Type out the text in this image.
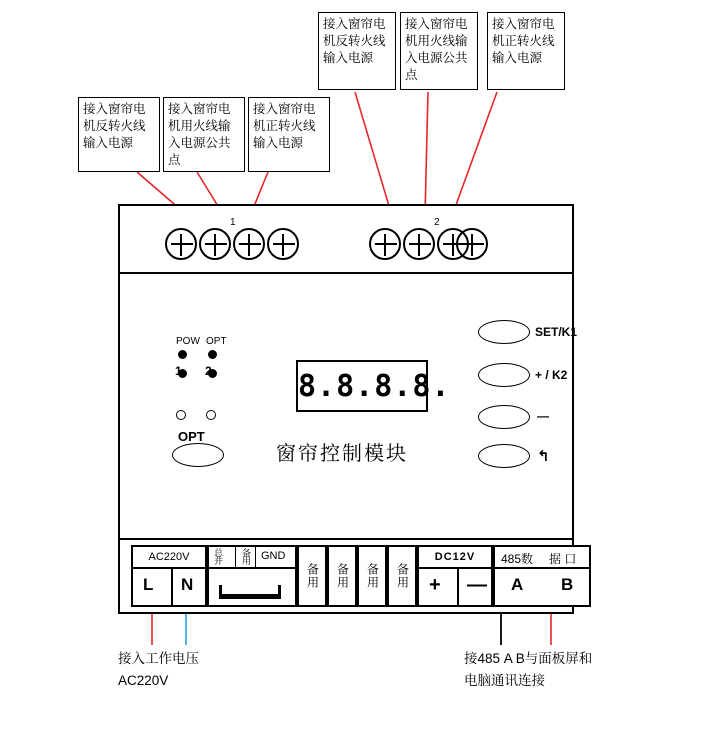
接入窗帘电机反转火线输入电源
接入窗帘电机用火线输入电源公共点
接入窗帘电机正转火线输入电源
接入窗帘电机反转火线输入电源
接入窗帘电机用火线输入电源公共点
接入窗帘电机正转火线输入电源
1	2
POW OPT
1 2
OPT
8. 8. 8. 8.
窗帘控制模块
SET/K1
+ / K2
—
↰
AC220V
L N
总并 备用 GND
备用 备用 备用 备用
DC12V
+ —
485数 据 口
A B
接入工作电压AC220V
接485 A B与面板屏和电脑通讯连接
